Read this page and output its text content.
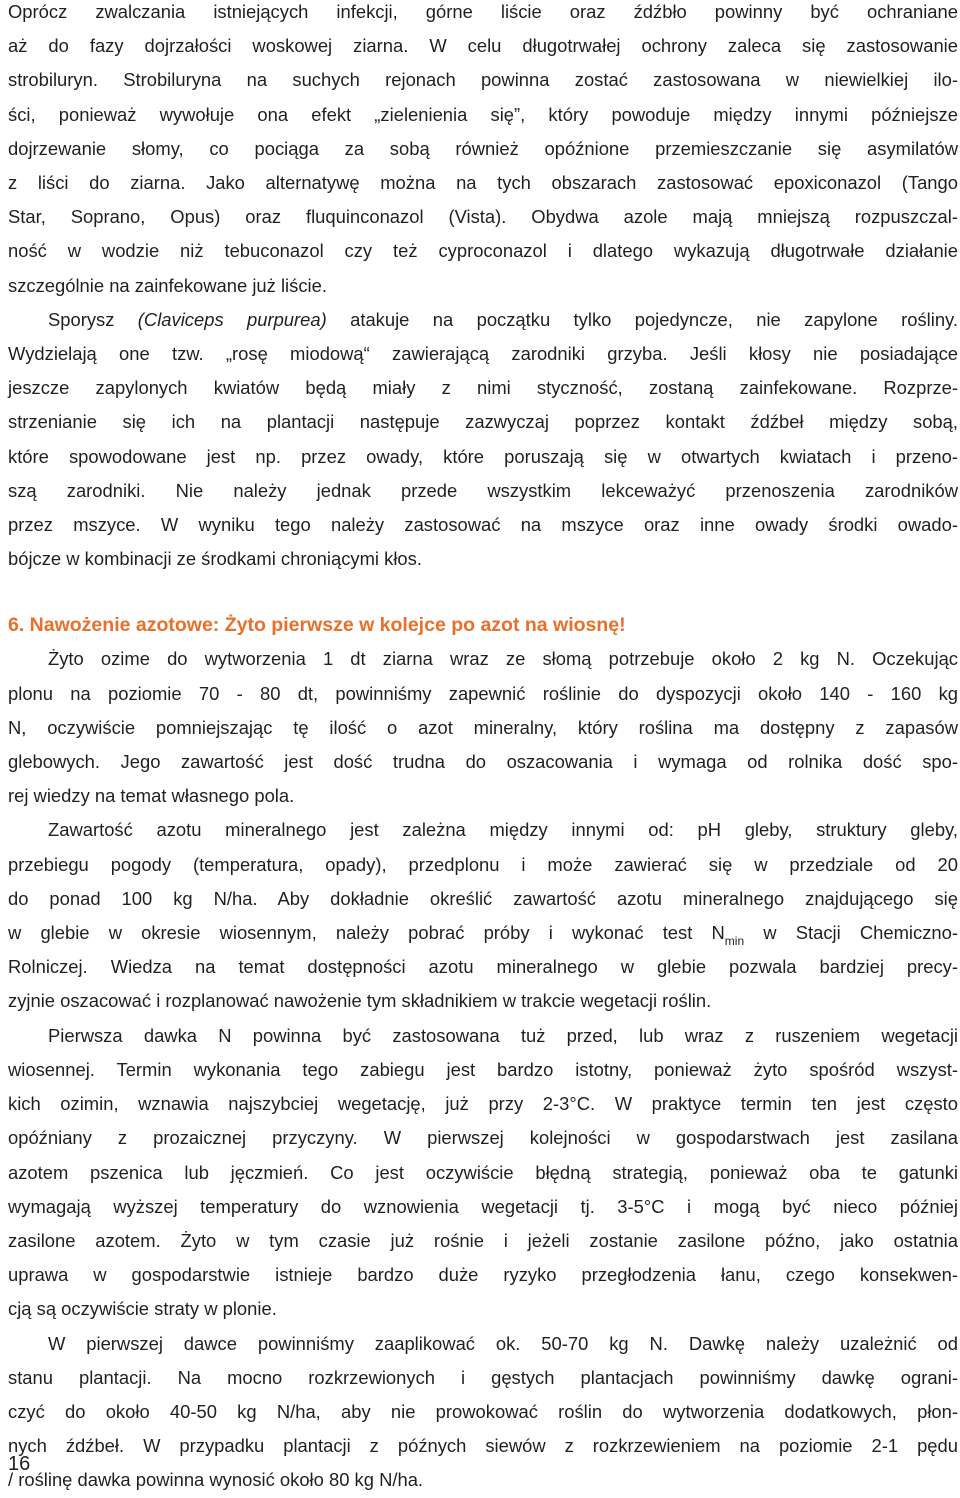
Oprócz zwalczania istniejących infekcji, górne liście oraz źdźbło powinny być ochraniane

aż do fazy dojrzałości woskowej ziarna. W celu długotrwałej ochrony zaleca się zastosowanie

strobiluryn. Strobiluryna na suchych rejonach powinna zostać zastosowana w niewielkiej ilo-

ści, ponieważ wywołuje ona efekt „zielenienia się”, który powoduje między innymi późniejsze

dojrzewanie słomy, co pociąga za sobą również opóźnione przemieszczanie się asymilatów

z liści do ziarna. Jako alternatywę można na tych obszarach zastosować epoxiconazol (Tango

Star, Soprano, Opus) oraz fluquinconazol (Vista). Obydwa azole mają mniejszą rozpuszczal-

ność w wodzie niż tebuconazol czy też cyproconazol i dlatego wykazują długotrwałe działanie

szczególnie na zainfekowane już liście.

Sporysz (Claviceps purpurea) atakuje na początku tylko pojedyncze, nie zapylone rośliny.

Wydzielają one tzw. „rosę miodową“ zawierającą zarodniki grzyba. Jeśli kłosy nie posiadające

jeszcze zapylonych kwiatów będą miały z nimi styczność, zostaną zainfekowane. Rozprze-

strzenianie się ich na plantacji następuje zazwyczaj poprzez kontakt źdźbeł między sobą,

które spowodowane jest np. przez owady, które poruszają się w otwartych kwiatach i przeno-

szą zarodniki. Nie należy jednak przede wszystkim lekceważyć przenoszenia zarodników

przez mszyce. W wyniku tego należy zastosować na mszyce oraz inne owady środki owado-

bójcze w kombinacji ze środkami chroniącymi kłos.

6. Nawożenie azotowe: Żyto pierwsze w kolejce po azot na wiosnę!

Żyto ozime do wytworzenia 1 dt ziarna wraz ze słomą potrzebuje około 2 kg N. Oczekując

plonu na poziomie 70 - 80 dt, powinniśmy zapewnić roślinie do dyspozycji około 140 - 160 kg

N, oczywiście pomniejszając tę ilość o azot mineralny, który roślina ma dostępny z zapasów

glebowych. Jego zawartość jest dość trudna do oszacowania i wymaga od rolnika dość spo-

rej wiedzy na temat własnego pola.

Zawartość azotu mineralnego jest zależna między innymi od: pH gleby, struktury gleby,

przebiegu pogody (temperatura, opady), przedplonu i może zawierać się w przedziale od 20

do ponad 100 kg N/ha. Aby dokładnie określić zawartość azotu mineralnego znajdującego się

w glebie w okresie wiosennym, należy pobrać próby i wykonać test $N_{min}$ w Stacji Chemiczno-

Rolniczej. Wiedza na temat dostępności azotu mineralnego w glebie pozwala bardziej precy-

zyjnie oszacować i rozplanować nawożenie tym składnikiem w trakcie wegetacji roślin.

Pierwsza dawka N powinna być zastosowana tuż przed, lub wraz z ruszeniem wegetacji

wiosennej. Termin wykonania tego zabiegu jest bardzo istotny, ponieważ żyto spośród wszyst-

kich ozimin, wznawia najszybciej wegetację, już przy 2-3°C. W praktyce termin ten jest często

opóźniany z prozaicznej przyczyny. W pierwszej kolejności w gospodarstwach jest zasilana

azotem pszenica lub jęczmień. Co jest oczywiście błędną strategią, ponieważ oba te gatunki

wymagają wyższej temperatury do wznowienia wegetacji tj. 3-5°C i mogą być nieco później

zasilone azotem. Żyto w tym czasie już rośnie i jeżeli zostanie zasilone późno, jako ostatnia

uprawa w gospodarstwie istnieje bardzo duże ryzyko przegłodzenia łanu, czego konsekwen-

cją są oczywiście straty w plonie.

W pierwszej dawce powinniśmy zaaplikować ok. 50-70 kg N. Dawkę należy uzależnić od

stanu plantacji. Na mocno rozkrzewionych i gęstych plantacjach powinniśmy dawkę ograni-

czyć do około 40-50 kg N/ha, aby nie prowokować roślin do wytworzenia dodatkowych, płon-

nych źdźbeł. W przypadku plantacji z późnych siewów z rozkrzewieniem na poziomie 2-1 pędu

/ roślinę dawka powinna wynosić około 80 kg N/ha.

16
